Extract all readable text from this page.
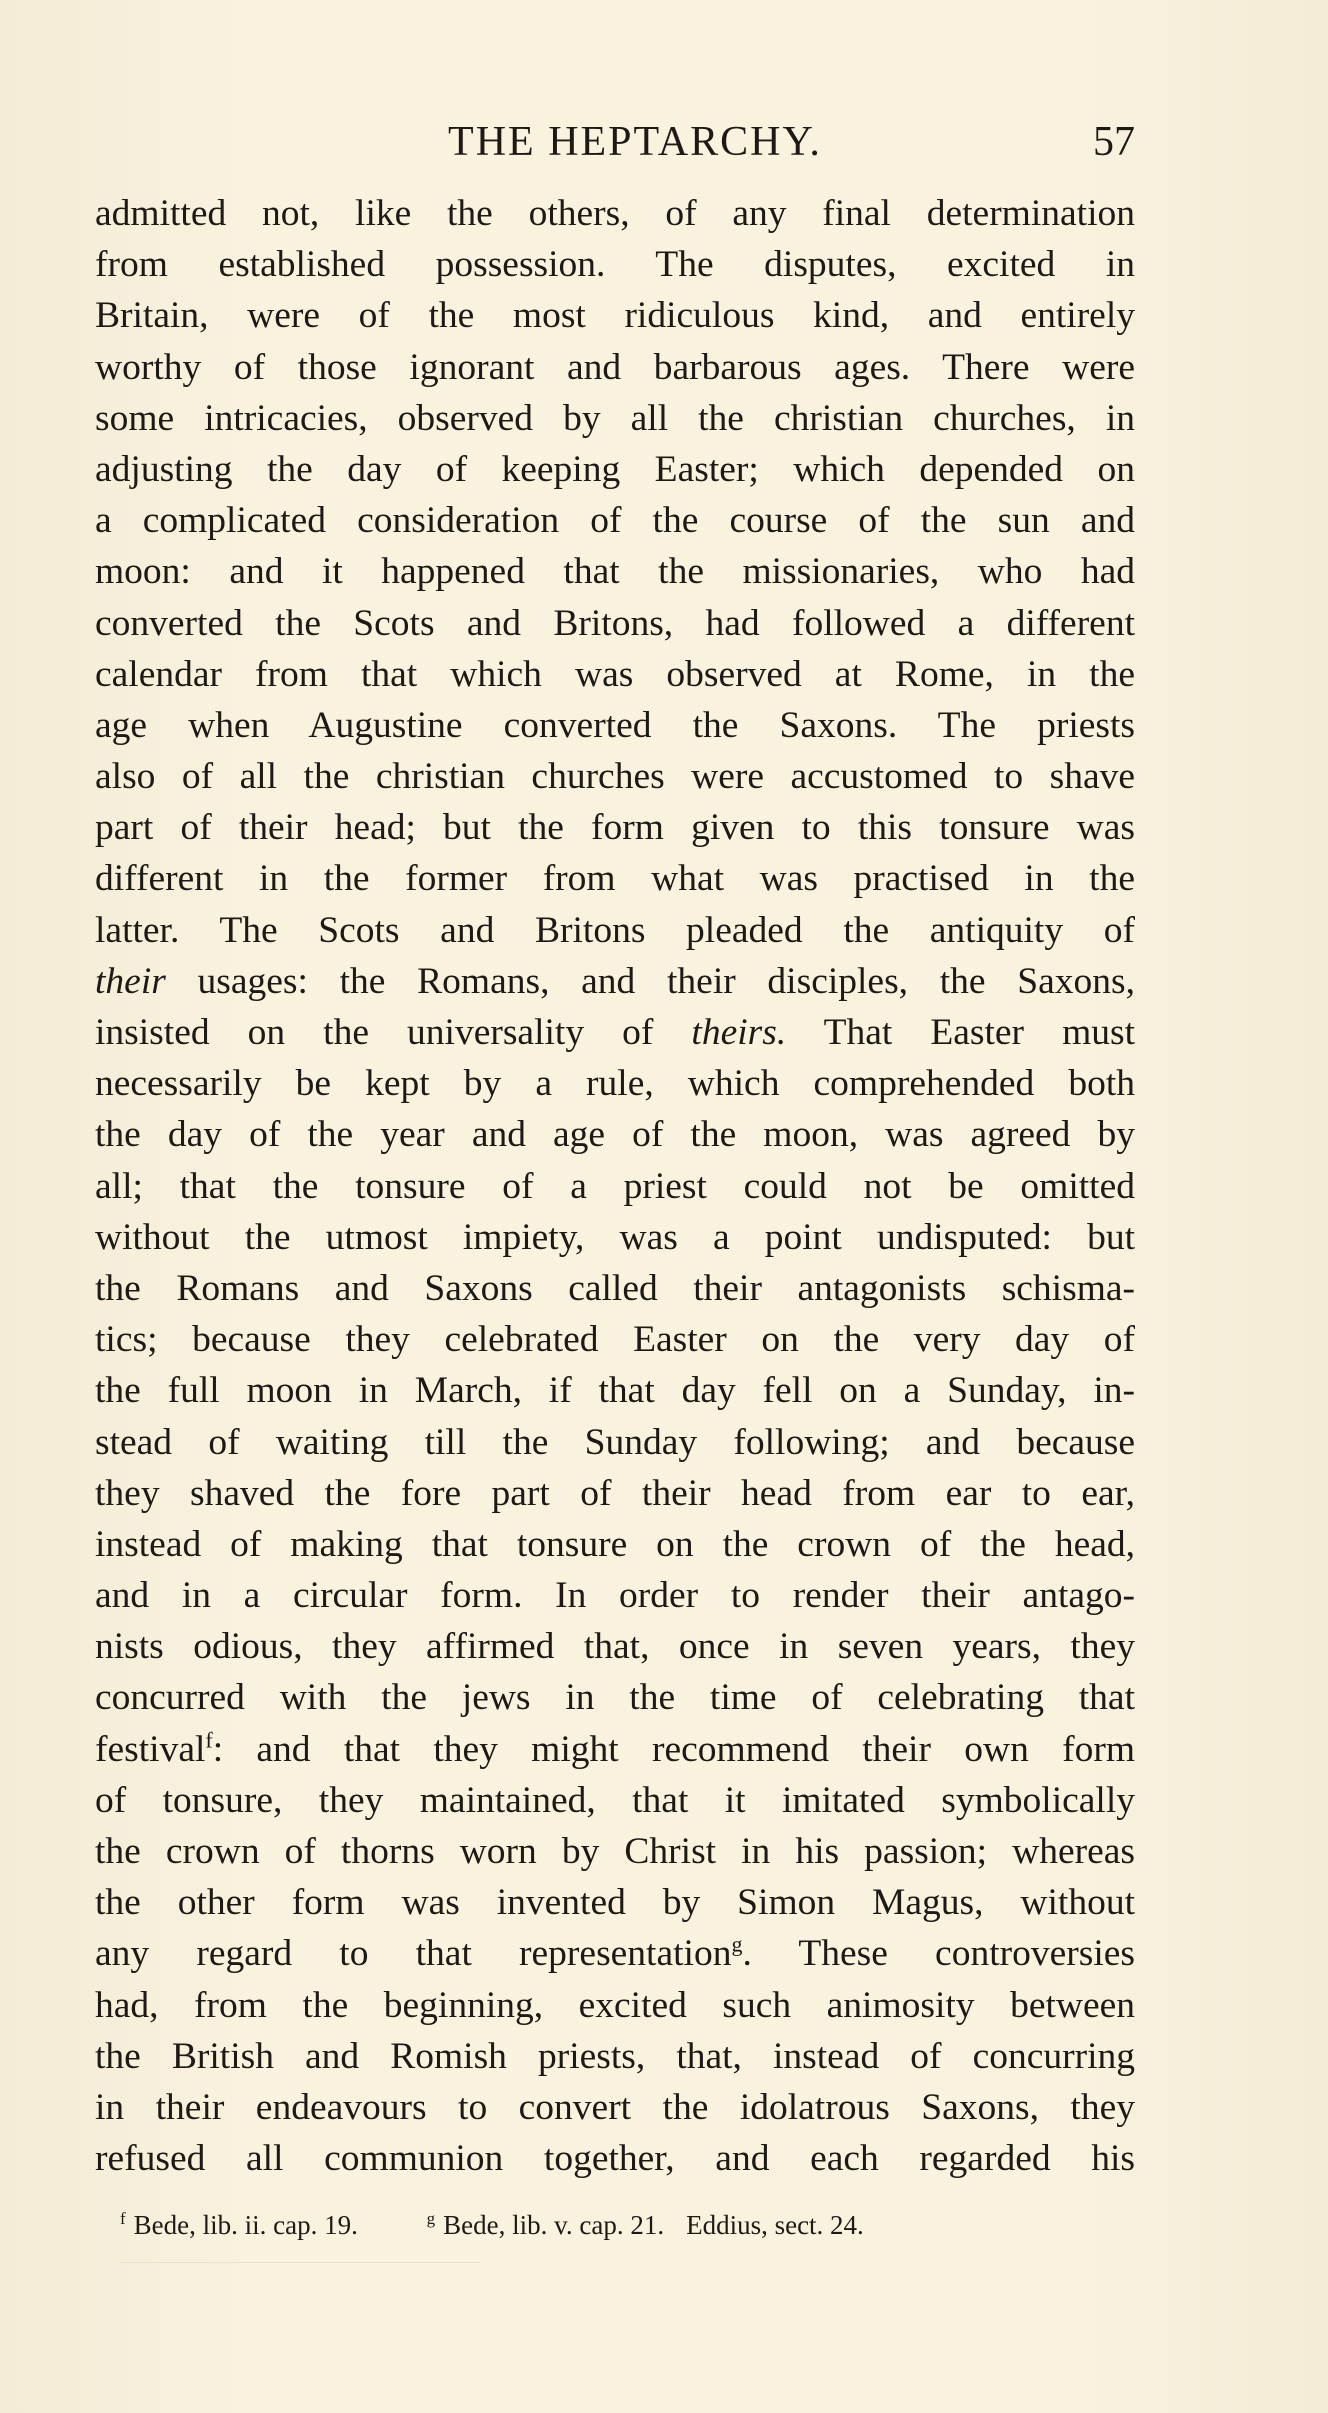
THE HEPTARCHY.	57
admitted not, like the others, of any final determination
from established possession. The disputes, excited in
Britain, were of the most ridiculous kind, and entirely
worthy of those ignorant and barbarous ages. There were
some intricacies, observed by all the christian churches, in
adjusting the day of keeping Easter; which depended on
a complicated consideration of the course of the sun and
moon: and it happened that the missionaries, who had
converted the Scots and Britons, had followed a different
calendar from that which was observed at Rome, in the
age when Augustine converted the Saxons. The priests
also of all the christian churches were accustomed to shave
part of their head; but the form given to this tonsure was
different in the former from what was practised in the
latter. The Scots and Britons pleaded the antiquity of
their usages: the Romans, and their disciples, the Saxons,
insisted on the universality of theirs. That Easter must
necessarily be kept by a rule, which comprehended both
the day of the year and age of the moon, was agreed by
all; that the tonsure of a priest could not be omitted
without the utmost impiety, was a point undisputed: but
the Romans and Saxons called their antagonists schisma-
tics; because they celebrated Easter on the very day of
the full moon in March, if that day fell on a Sunday, in-
stead of waiting till the Sunday following; and because
they shaved the fore part of their head from ear to ear,
instead of making that tonsure on the crown of the head,
and in a circular form. In order to render their antago-
nists odious, they affirmed that, once in seven years, they
concurred with the jews in the time of celebrating that
festival$^f$: and that they might recommend their own form
of tonsure, they maintained, that it imitated symbolically
the crown of thorns worn by Christ in his passion; whereas
the other form was invented by Simon Magus, without
any regard to that representation$^g$. These controversies
had, from the beginning, excited such animosity between
the British and Romish priests, that, instead of concurring
in their endeavours to convert the idolatrous Saxons, they
refused all communion together, and each regarded his
$^f$ Bede, lib. ii. cap. 19.	$^g$ Bede, lib. v. cap. 21. Eddius, sect. 24.
